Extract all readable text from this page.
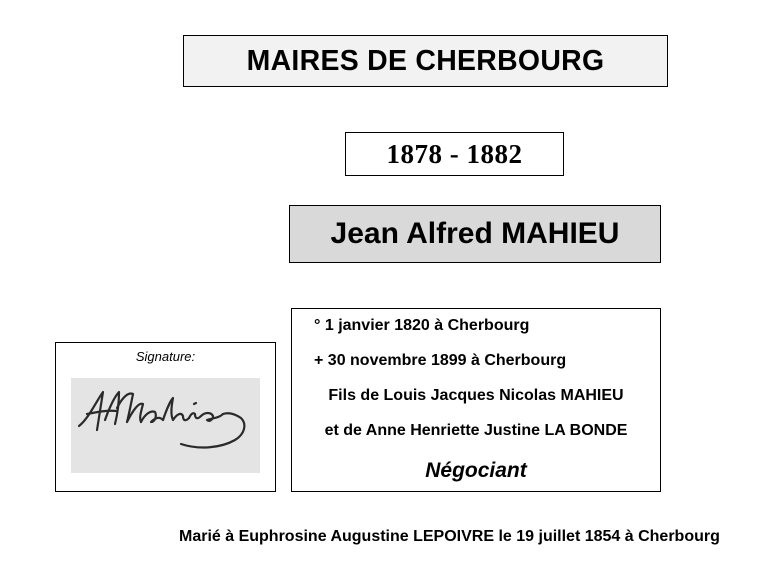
MAIRES DE CHERBOURG
1878 - 1882
Jean Alfred MAHIEU
Signature:
° 1 janvier 1820 à Cherbourg
+ 30 novembre 1899 à Cherbourg
Fils de Louis Jacques Nicolas MAHIEU
et de Anne Henriette Justine LA BONDE
Négociant
Marié à Euphrosine Augustine LEPOIVRE le 19 juillet 1854 à Cherbourg
